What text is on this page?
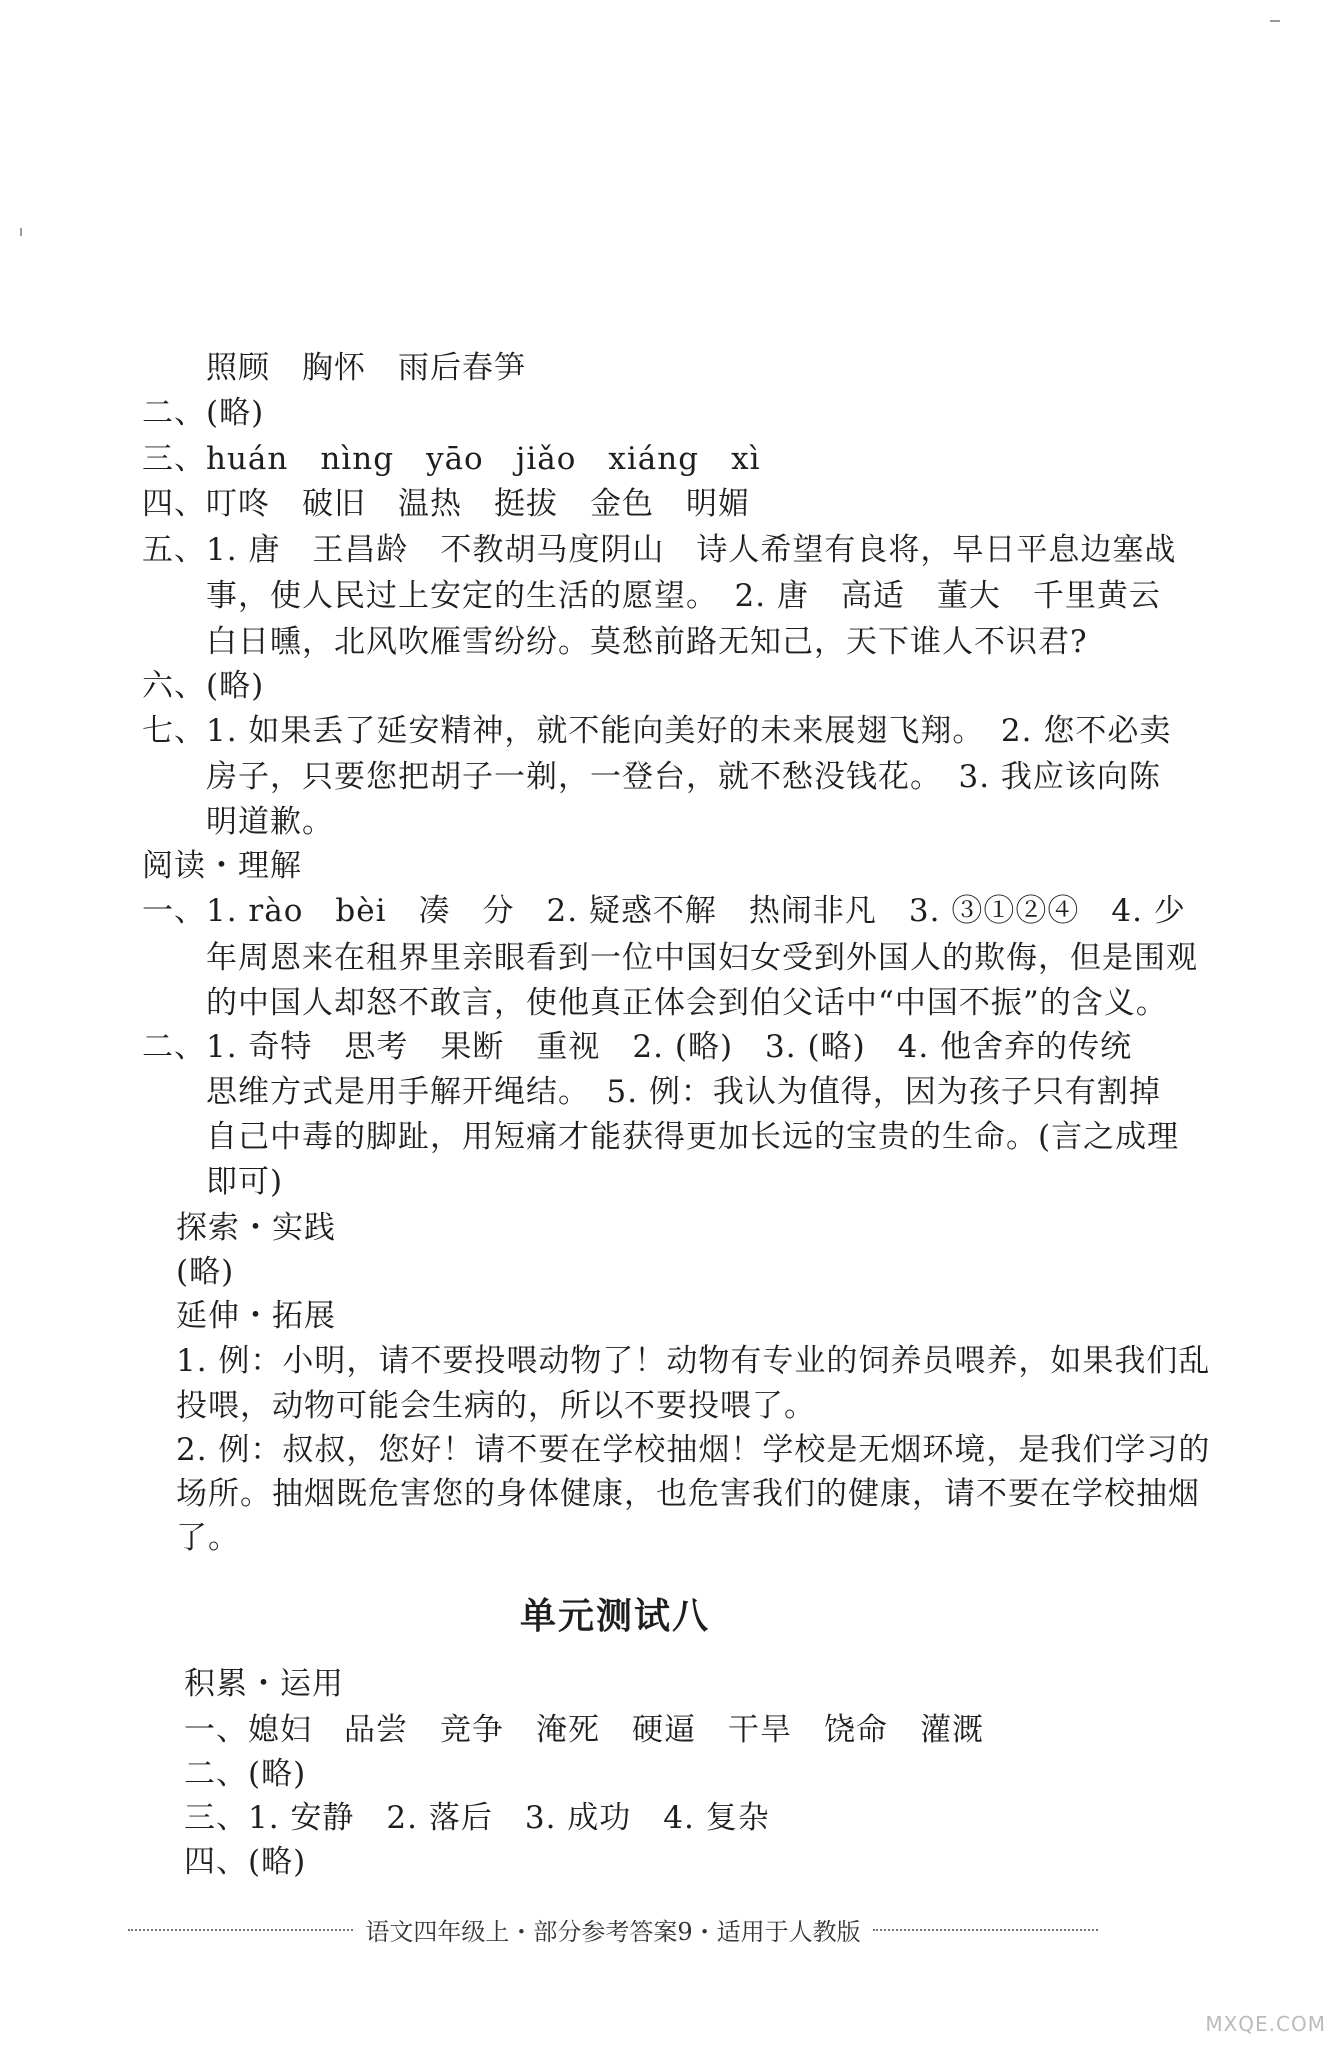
照顾　胸怀　雨后春笋
二、(略)
三、huán　nìng　yāo　jiǎo　xiáng　xì
四、叮咚　破旧　温热　挺拔　金色　明媚
五、1. 唐　王昌龄　不教胡马度阴山　诗人希望有良将，早日平息边塞战
事，使人民过上安定的生活的愿望。　2. 唐　高适　董大　千里黄云
白日曛，北风吹雁雪纷纷。莫愁前路无知己，天下谁人不识君?
六、(略)
七、1. 如果丢了延安精神，就不能向美好的未来展翅飞翔。　2. 您不必卖
房子，只要您把胡子一剃，一登台，就不愁没钱花。　3. 我应该向陈
明道歉。
阅读・理解
一、1. rào　bèi　凑　分　2. 疑惑不解　热闹非凡　3. ③①②④　4. 少
年周恩来在租界里亲眼看到一位中国妇女受到外国人的欺侮，但是围观
的中国人却怒不敢言，使他真正体会到伯父话中“中国不振”的含义。
二、1. 奇特　思考　果断　重视　2. (略)　3. (略)　4. 他舍弃的传统
思维方式是用手解开绳结。　5. 例：我认为值得，因为孩子只有割掉
自己中毒的脚趾，用短痛才能获得更加长远的宝贵的生命。(言之成理
即可)
探索・实践
(略)
延伸・拓展
1. 例：小明，请不要投喂动物了！动物有专业的饲养员喂养，如果我们乱
投喂，动物可能会生病的，所以不要投喂了。
2. 例：叔叔，您好！请不要在学校抽烟！学校是无烟环境，是我们学习的
场所。抽烟既危害您的身体健康，也危害我们的健康，请不要在学校抽烟
了。
单元测试八
积累・运用
一、媳妇　品尝　竞争　淹死　硬逼　干旱　饶命　灌溉
二、(略)
三、1. 安静　2. 落后　3. 成功　4. 复杂
四、(略)
语文四年级上・部分参考答案9・适用于人教版
MXQE.COM
